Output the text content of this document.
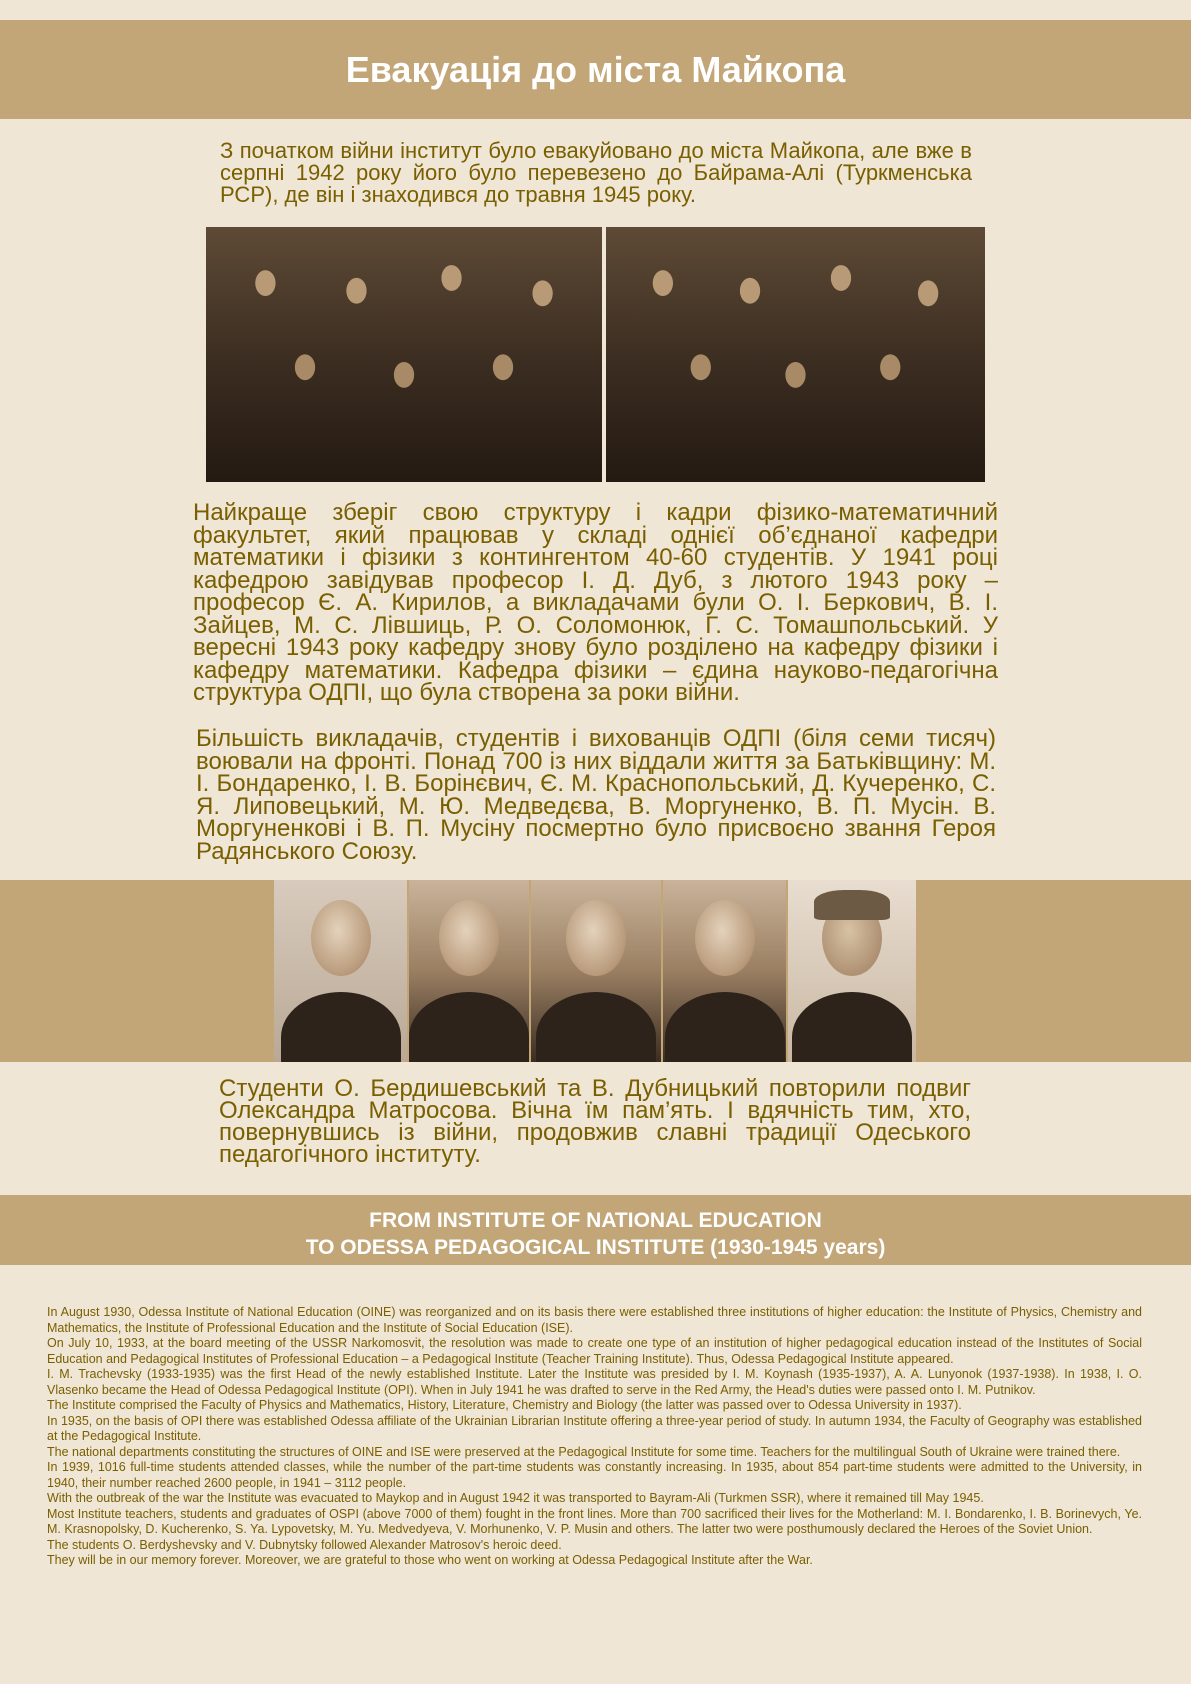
Евакуація до міста Майкопа

З початком війни інститут було евакуйовано до міста Майкопа, але вже в серпні 1942 року його було перевезено до Байрама-Алі (Туркменська РСР), де він і знаходився до травня 1945 року.

Найкраще зберіг свою структуру і кадри фізико-математичний факультет, який працював у складі однієї об’єднаної кафедри математики і фізики з контингентом 40-60 студентів. У 1941 році кафедрою завідував професор І. Д. Дуб, з лютого 1943 року – професор Є. А. Кирилов, а викладачами були О. І. Беркович, В. І. Зайцев, М. С. Лівшиць, Р. О. Соломонюк, Г. С. Томашпольський. У вересні 1943 року кафедру знову було розділено на кафедру фізики і кафедру математики. Кафедра фізики – єдина науково-педагогічна структура ОДПІ, що була створена за роки війни.

Більшість викладачів, студентів і вихованців ОДПІ (біля семи тисяч) воювали на фронті. Понад 700 із них віддали життя за Батьківщину: М. І. Бондаренко, І. В. Борінєвич, Є. М. Краснопольський, Д. Кучеренко, С. Я. Липовецький, М. Ю. Медведєва, В. Моргуненко, В. П. Мусін. В. Моргуненкові і В. П. Мусіну посмертно було присвоєно звання Героя Радянського Союзу.

Студенти О. Бердишевський та В. Дубницький повторили подвиг Олександра Матросова. Вічна їм пам’ять. І вдячність тим, хто, повернувшись із війни, продовжив славні традиції Одеського педагогічного інституту.

FROM INSTITUTE OF NATIONAL EDUCATION
TO ODESSA PEDAGOGICAL INSTITUTE (1930-1945 years)

In August 1930, Odessa Institute of National Education (OINE) was reorganized and on its basis there were established three institutions of higher education: the Institute of Physics, Chemistry and Mathematics, the Institute of Professional Education and the Institute of Social Education (ISE).

On July 10, 1933, at the board meeting of the USSR Narkomosvit, the resolution was made to create one type of an institution of higher pedagogical education instead of the Institutes of Social Education and Pedagogical Institutes of Professional Education – a Pedagogical Institute (Teacher Training Institute). Thus, Odessa Pedagogical Institute appeared.

I. M. Trachevsky (1933-1935) was the first Head of the newly established Institute. Later the Institute was presided by I. M. Koynash (1935-1937), A. A. Lunyonok (1937-1938). In 1938, I. O. Vlasenko became the Head of Odessa Pedagogical Institute (OPI). When in July 1941 he was drafted to serve in the Red Army, the Head's duties were passed onto I. M. Putnikov.

The Institute comprised the Faculty of Physics and Mathematics, History, Literature, Chemistry and Biology (the latter was passed over to Odessa University in 1937).

In 1935, on the basis of OPI there was established Odessa affiliate of the Ukrainian Librarian Institute offering a three-year period of study. In autumn 1934, the Faculty of Geography was established at the Pedagogical Institute.

The national departments constituting the structures of OINE and ISE were preserved at the Pedagogical Institute for some time. Teachers for the multilingual South of Ukraine were trained there.

In 1939, 1016 full-time students attended classes, while the number of the part-time students was constantly increasing. In 1935, about 854 part-time students were admitted to the University, in 1940, their number reached 2600 people, in 1941 – 3112 people.

With the outbreak of the war the Institute was evacuated to Maykop and in August 1942 it was transported to Bayram-Ali (Turkmen SSR), where it remained till May 1945.

Most Institute teachers, students and graduates of OSPI (above 7000 of them) fought in the front lines. More than 700 sacrificed their lives for the Motherland: M. I. Bondarenko, I. B. Borinevych, Ye. M. Krasnopolsky, D. Kucherenko, S. Ya. Lypovetsky, M. Yu. Medvedyeva, V. Morhunenko, V. P. Musin and others. The latter two were posthumously declared the Heroes of the Soviet Union.

The students O. Berdyshevsky and V. Dubnytsky followed Alexander Matrosov's heroic deed.

They will be in our memory forever. Moreover, we are grateful to those who went on working at Odessa Pedagogical Institute after the War.
